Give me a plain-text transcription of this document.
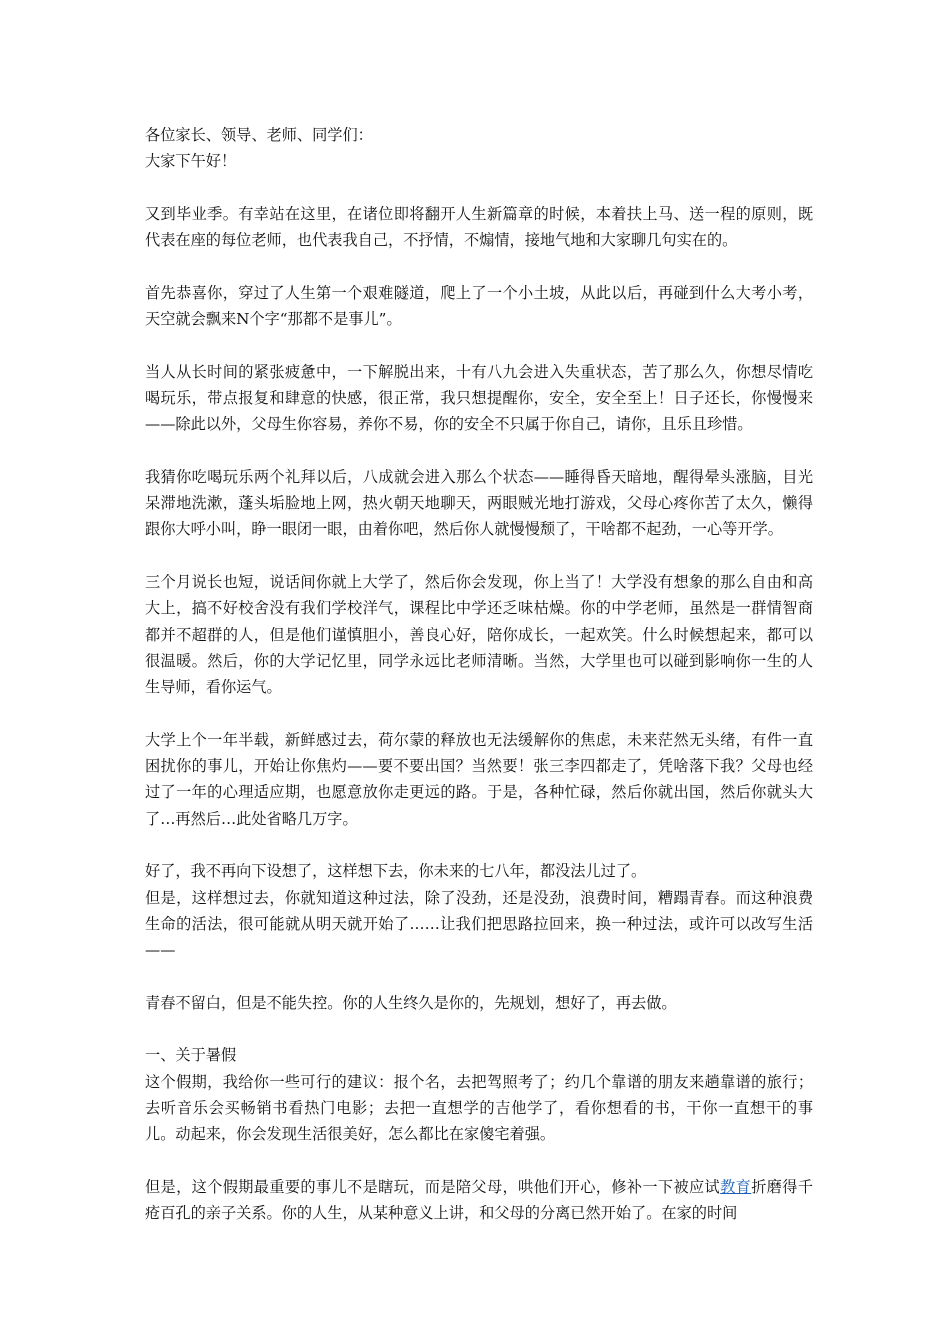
各位家长、领导、老师、同学们：
大家下午好！

又到毕业季。有幸站在这里，在诸位即将翻开人生新篇章的时候，本着扶上马、送一程的原则，既代表在座的每位老师，也代表我自己，不抒情，不煽情，接地气地和大家聊几句实在的。

首先恭喜你，穿过了人生第一个艰难隧道，爬上了一个小土坡，从此以后，再碰到什么大考小考，天空就会飘来N个字“那都不是事儿”。

当人从长时间的紧张疲惫中，一下解脱出来，十有八九会进入失重状态，苦了那么久，你想尽情吃喝玩乐，带点报复和肆意的快感，很正常，我只想提醒你，安全，安全至上！日子还长，你慢慢来——除此以外，父母生你容易，养你不易，你的安全不只属于你自己，请你，且乐且珍惜。

我猜你吃喝玩乐两个礼拜以后，八成就会进入那么个状态——睡得昏天暗地，醒得晕头涨脑，目光呆滞地洗漱，蓬头垢脸地上网，热火朝天地聊天，两眼贼光地打游戏，父母心疼你苦了太久，懒得跟你大呼小叫，睁一眼闭一眼，由着你吧，然后你人就慢慢颓了，干啥都不起劲，一心等开学。

三个月说长也短，说话间你就上大学了，然后你会发现，你上当了！大学没有想象的那么自由和高大上，搞不好校舍没有我们学校洋气，课程比中学还乏味枯燥。你的中学老师，虽然是一群情智商都并不超群的人，但是他们谨慎胆小，善良心好，陪你成长，一起欢笑。什么时候想起来，都可以很温暖。然后，你的大学记忆里，同学永远比老师清晰。当然，大学里也可以碰到影响你一生的人生导师，看你运气。

大学上个一年半载，新鲜感过去，荷尔蒙的释放也无法缓解你的焦虑，未来茫然无头绪，有件一直困扰你的事儿，开始让你焦灼——要不要出国？当然要！张三李四都走了，凭啥落下我？父母也经过了一年的心理适应期，也愿意放你走更远的路。于是，各种忙碌，然后你就出国，然后你就头大了…再然后…此处省略几万字。

好了，我不再向下设想了，这样想下去，你未来的七八年，都没法儿过了。
但是，这样想过去，你就知道这种过法，除了没劲，还是没劲，浪费时间，糟蹋青春。而这种浪费生命的活法，很可能就从明天就开始了……让我们把思路拉回来，换一种过法，或许可以改写生活——

青春不留白，但是不能失控。你的人生终久是你的，先规划，想好了，再去做。

一、关于暑假
这个假期，我给你一些可行的建议：报个名，去把驾照考了；约几个靠谱的朋友来趟靠谱的旅行；去听音乐会买畅销书看热门电影；去把一直想学的吉他学了，看你想看的书，干你一直想干的事儿。动起来，你会发现生活很美好，怎么都比在家傻宅着强。

但是，这个假期最重要的事儿不是瞎玩，而是陪父母，哄他们开心，修补一下被应试教育折磨得千疮百孔的亲子关系。你的人生，从某种意义上讲，和父母的分离已然开始了。在家的时间
